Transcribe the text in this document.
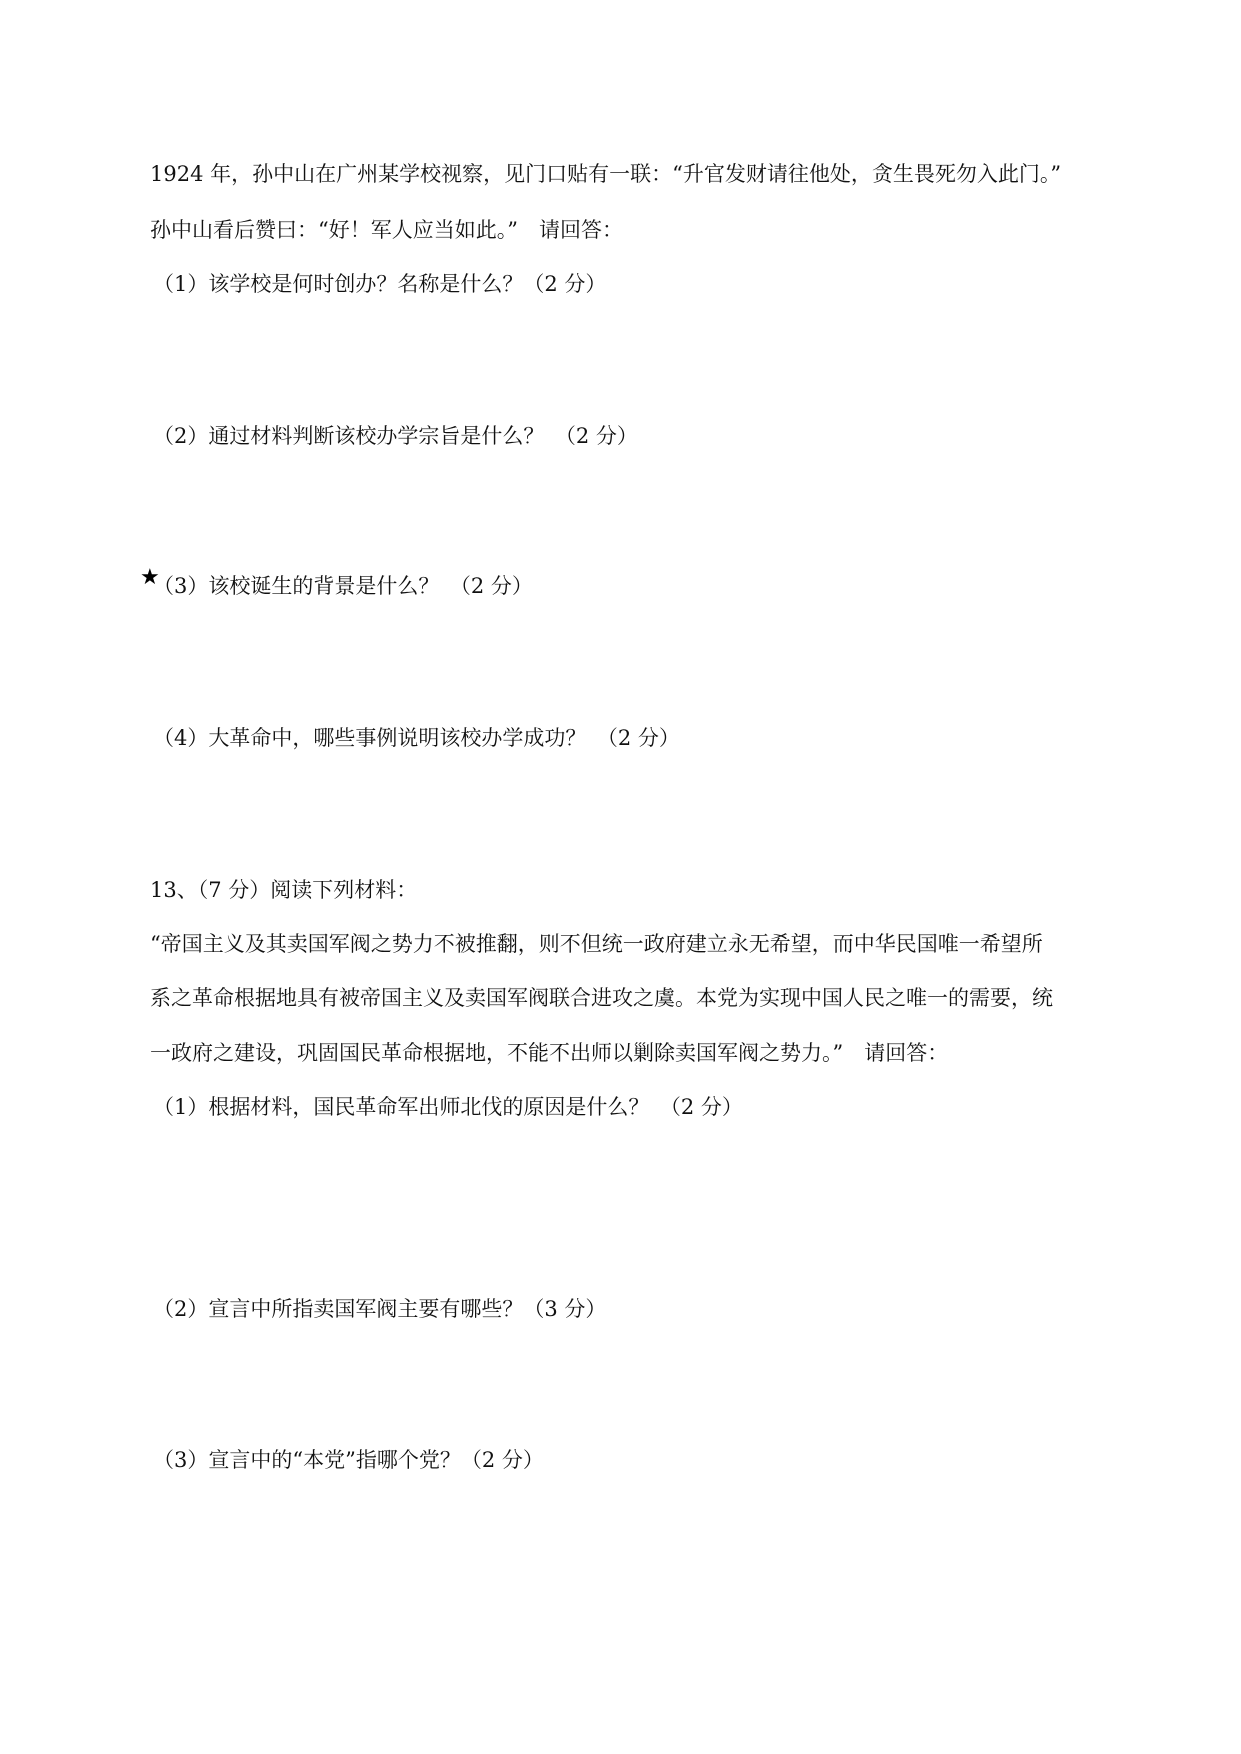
1924 年，孙中山在广州某学校视察，见门口贴有一联：“升官发财请往他处，贪生畏死勿入此门。”
孙中山看后赞曰：“好！军人应当如此。”　请回答：
（1）该学校是何时创办？名称是什么？（2 分）
（2）通过材料判断该校办学宗旨是什么？　（2 分）
★
（3）该校诞生的背景是什么？　（2 分）
（4）大革命中，哪些事例说明该校办学成功？　（2 分）
13、（7 分）阅读下列材料：
“帝国主义及其卖国军阀之势力不被推翻，则不但统一政府建立永无希望，而中华民国唯一希望所
系之革命根据地具有被帝国主义及卖国军阀联合进攻之虞。本党为实现中国人民之唯一的需要，统
一政府之建设，巩固国民革命根据地，不能不出师以剿除卖国军阀之势力。”　请回答：
（1）根据材料，国民革命军出师北伐的原因是什么？　（2 分）
（2）宣言中所指卖国军阀主要有哪些？（3 分）
（3）宣言中的“本党”指哪个党？（2 分）
